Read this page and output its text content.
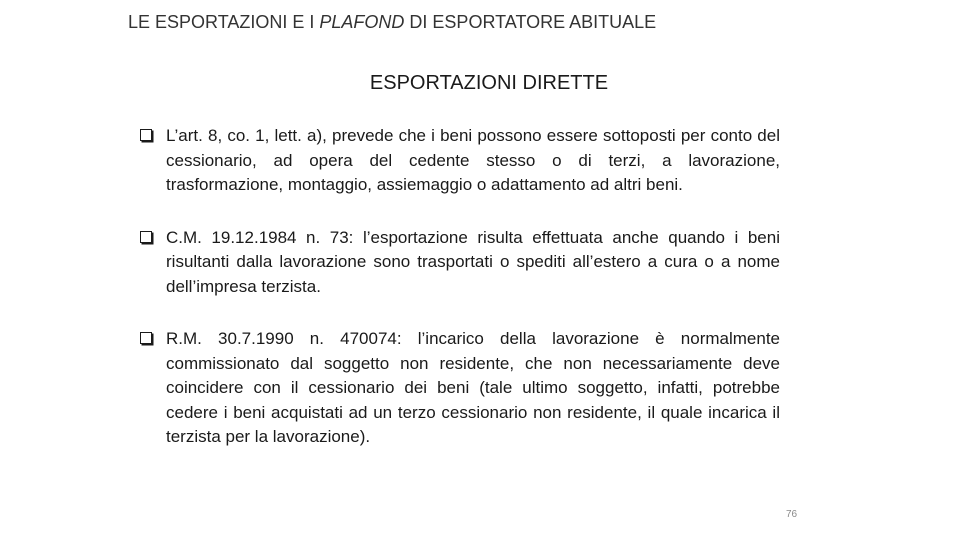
LE ESPORTAZIONI E I PLAFOND DI ESPORTATORE ABITUALE
ESPORTAZIONI DIRETTE
L’art. 8, co. 1, lett. a), prevede che i beni possono essere sottoposti per conto del cessionario, ad opera del cedente stesso o di terzi, a lavorazione, trasformazione, montaggio, assiemaggio o adattamento ad altri beni.
C.M. 19.12.1984 n. 73: l’esportazione risulta effettuata anche quando i beni risultanti dalla lavorazione sono trasportati o spediti all’estero a cura o a nome dell’impresa terzista.
R.M. 30.7.1990 n. 470074: l’incarico della lavorazione è normalmente commissionato dal soggetto non residente, che non necessariamente deve coincidere con il cessionario dei beni (tale ultimo soggetto, infatti, potrebbe cedere i beni acquistati ad un terzo cessionario non residente, il quale incarica il terzista per la lavorazione).
76
